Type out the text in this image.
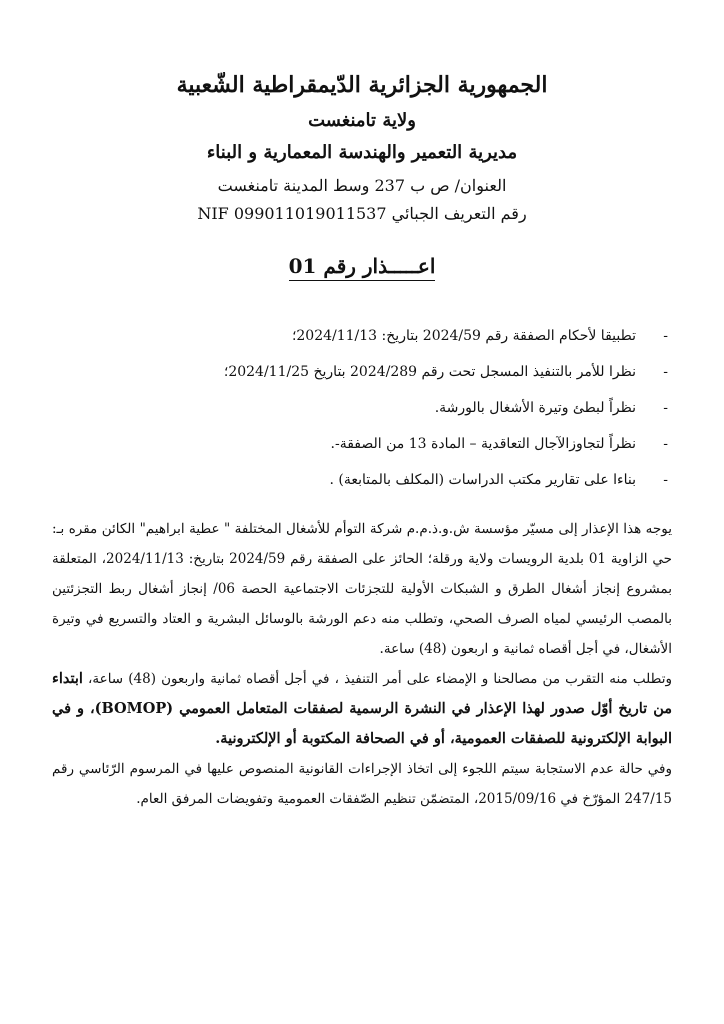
الجمهورية الجزائرية الدّيمقراطية الشّعبية
ولاية تامنغست
مديرية التعمير والهندسة المعمارية و البناء
العنوان/ ص ب 237 وسط المدينة تامنغست
رقم التعريف الجبائي NIF 099011019011537
اعـــــذار رقم 01
-
تطبيقا لأحكام الصفقة رقم 2024/59 بتاريخ: 2024/11/13؛
-
نظرا للأمر بالتنفيذ المسجل تحت رقم 2024/289 بتاريخ 2024/11/25؛
-
نظراً لبطئ وتيرة الأشغال بالورشة.
-
نظراً لتجاوزالآجال التعاقدية – المادة 13 من الصفقة-.
-
بناءا على تقارير مكتب الدراسات (المكلف بالمتابعة) .

يوجه هذا الإعذار إلى مسيّر مؤسسة ش.و.ذ.م.م شركة التوأم للأشغال المختلفة " عطية ابراهيم" الكائن مقره بـ: حي الزاوية 01 بلدية الرويسات ولاية ورقلة؛ الحائز على الصفقة رقم 2024/59 بتاريخ: 2024/11/13، المتعلقة بمشروع إنجاز أشغال الطرق و الشبكات الأولية للتجزئات الاجتماعية الحصة 06/ إنجاز أشغال ربط التجزئتين بالمصب الرئيسي لمياه الصرف الصحي، وتطلب منه دعم الورشة بالوسائل البشرية و العتاد والتسريع في وتيرة الأشغال، في أجل أقصاه ثمانية و اربعون (48) ساعة.

وتطلب منه التقرب من مصالحنا و الإمضاء على أمر التنفيذ ، في أجل أقصاه ثمانية واربعون (48) ساعة، ابتداء من تاريخ أوّل صدور لهذا الإعذار في النشرة الرسمية لصفقات المتعامل العمومي (BOMOP)، و في البوابة الإلكترونية للصفقات العمومية، أو في الصحافة المكتوبة أو الإلكترونية.

وفي حالة عدم الاستجابة سيتم اللجوء إلى اتخاذ الإجراءات القانونية المنصوص عليها في المرسوم الرّئاسي رقم 247/15 المؤرّخ في 2015/09/16، المتضمّن تنظيم الصّفقات العمومية وتفويضات المرفق العام.
